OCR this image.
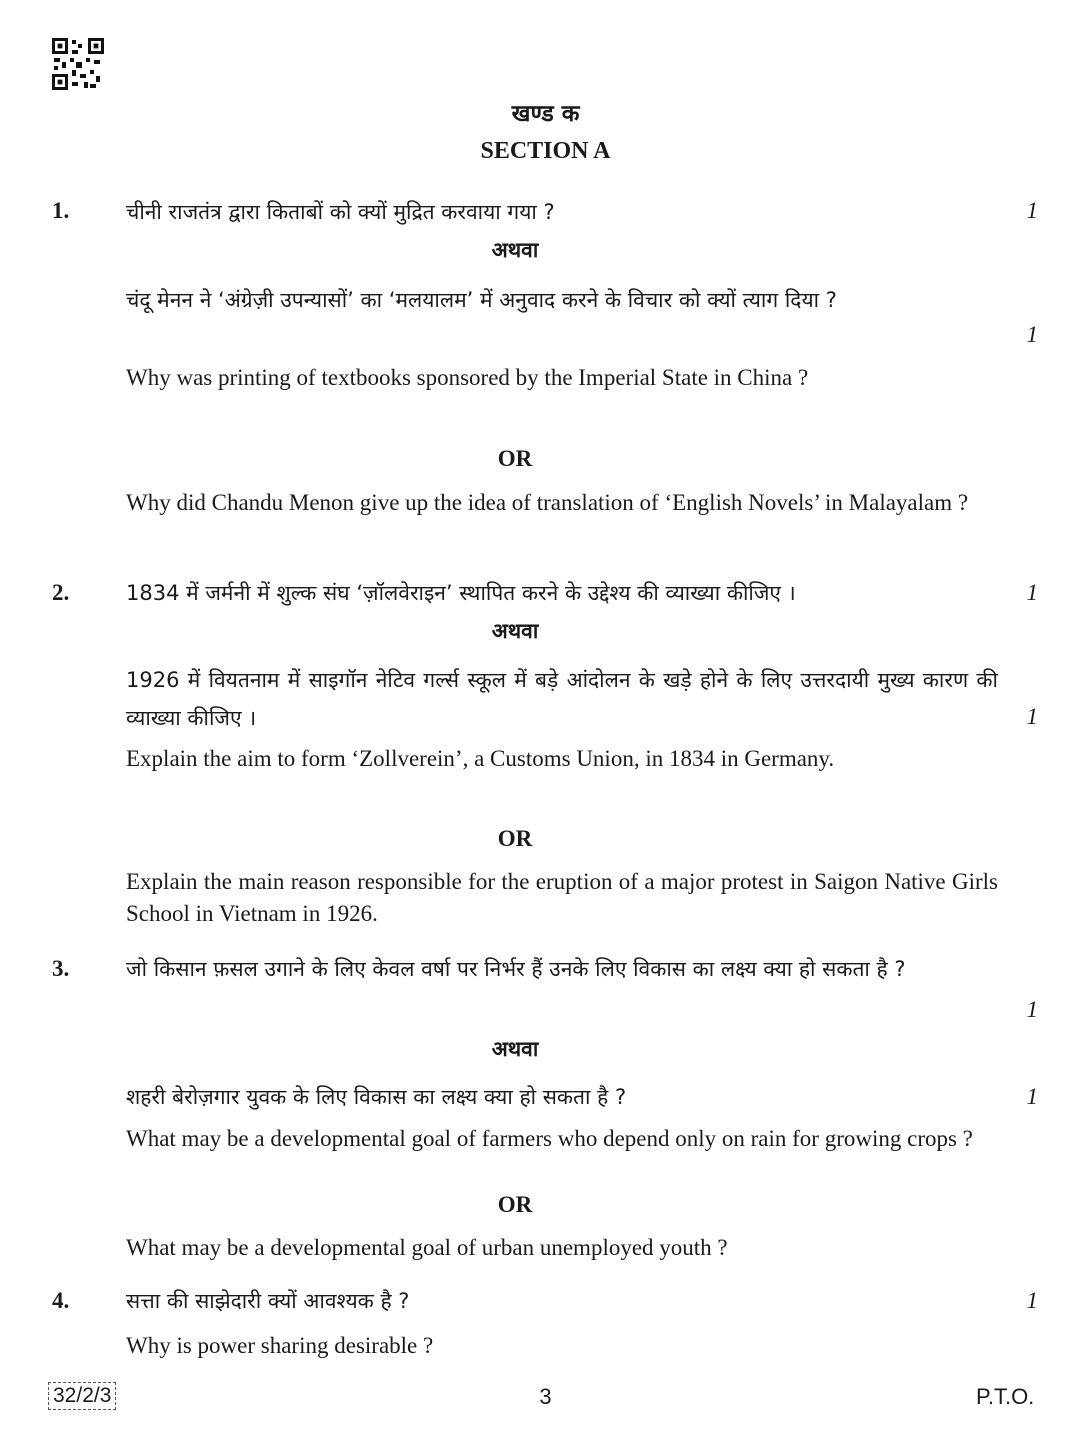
खण्ड क
SECTION A
1.	चीनी राजतंत्र द्वारा किताबों को क्यों मुद्रित करवाया गया ?	1
अथवा
चंदू मेनन ने ‘अंग्रेज़ी उपन्यासों’ का ‘मलयालम’ में अनुवाद करने के विचार को क्यों त्याग दिया ?
1
Why was printing of textbooks sponsored by the Imperial State in China ?
OR
Why did Chandu Menon give up the idea of translation of ‘English Novels’ in Malayalam ?
2.	1834 में जर्मनी में शुल्क संघ ‘ज़ॉलवेराइन’ स्थापित करने के उद्देश्य की व्याख्या कीजिए ।	1
अथवा
1926 में वियतनाम में साइगॉन नेटिव गर्ल्स स्कूल में बड़े आंदोलन के खड़े होने के लिए उत्तरदायी मुख्य कारण की व्याख्या कीजिए ।	1
Explain the aim to form ‘Zollverein’, a Customs Union, in 1834 in Germany.
OR
Explain the main reason responsible for the eruption of a major protest in Saigon Native Girls School in Vietnam in 1926.
3.	जो किसान फ़सल उगाने के लिए केवल वर्षा पर निर्भर हैं उनके लिए विकास का लक्ष्य क्या हो सकता है ?
1
अथवा
शहरी बेरोज़गार युवक के लिए विकास का लक्ष्य क्या हो सकता है ?	1
What may be a developmental goal of farmers who depend only on rain for growing crops ?
OR
What may be a developmental goal of urban unemployed youth ?
4.	सत्ता की साझेदारी क्यों आवश्यक है ?	1
Why is power sharing desirable ?
32/2/3	3	P.T.O.
